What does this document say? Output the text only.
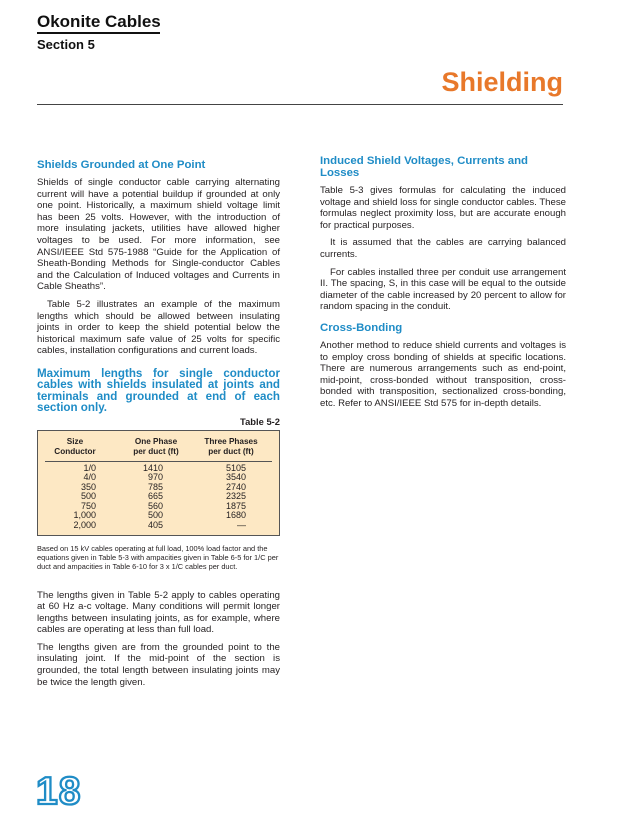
Okonite Cables
Section 5
Shielding
Shields Grounded at One Point

Shields of single conductor cable carrying alternating current will have a potential buildup if grounded at only one point. Historically, a maximum shield voltage limit has been 25 volts. However, with the introduction of more insulating jackets, utilities have allowed higher voltages to be used. For more information, see ANSI/IEEE Std 575-1988 “Guide for the Application of Sheath-Bonding Methods for Single-conductor Cables and the Calculation of Induced voltages and Currents in Cable Sheaths”.

Table 5-2 illustrates an example of the maximum lengths which should be allowed between insulating joints in order to keep the shield potential below the historical maximum safe value of 25 volts for specific cables, installation configurations and current loads.

Maximum lengths for single conductor cables with shields insulated at joints and terminals and grounded at end of each section only.
Table 5-2
Size
Conductor
One Phase
per duct (ft)
Three Phases
per duct (ft)
1/0
4/0
350
500
750
1,000
2,000
1410
970
785
665
560
500
405
5105
3540
2740
2325
1875
1680
—

Based on 15 kV cables operating at full load, 100% load factor and the equations given in Table 5-3 with ampacities given in Table 6-5 for 1/C per duct and ampacities in Table 6-10 for 3 x 1/C cables per duct.

The lengths given in Table 5-2 apply to cables operating at 60 Hz a-c voltage. Many conditions will permit longer lengths between insulating joints, as for example, where cables are operating at less than full load.

The lengths given are from the grounded point to the insulating joint. If the mid-point of the section is grounded, the total length between insulating joints may be twice the length given.

Induced Shield Voltages, Currents and Losses

Table 5-3 gives formulas for calculating the induced voltage and shield loss for single conductor cables. These formulas neglect proximity loss, but are accurate enough for practical purposes.

It is assumed that the cables are carrying balanced currents.

For cables installed three per conduit use arrangement II. The spacing, S, in this case will be equal to the outside diameter of the cable increased by 20 percent to allow for random spacing in the conduit.

Cross-Bonding

Another method to reduce shield currents and voltages is to employ cross bonding of shields at specific locations. There are numerous arrangements such as end-point, mid-point, cross-bonded without transposition, cross-bonded with transposition, sectionalized cross-bonding, etc. Refer to ANSI/IEEE Std 575 for in-depth details.

18
